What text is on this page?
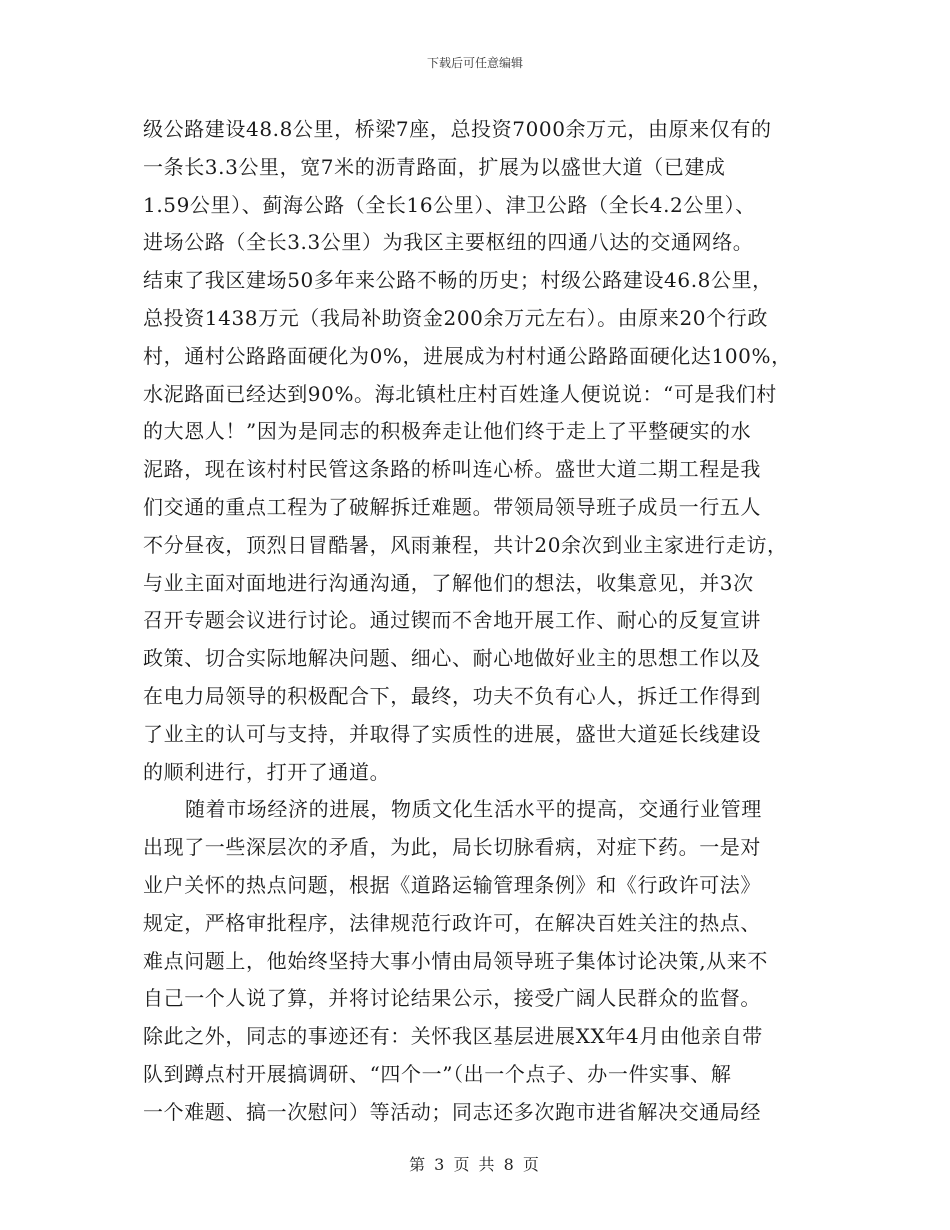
下载后可任意编辑
级公路建设48.8公里，桥梁7座，总投资7000余万元，由原来仅有的
一条长3.3公里，宽7米的沥青路面，扩展为以盛世大道（已建成
1.59公里）、蓟海公路（全长16公里）、津卫公路（全长4.2公里）、
进场公路（全长3.3公里）为我区主要枢纽的四通八达的交通网络。
结束了我区建场50多年来公路不畅的历史；村级公路建设46.8公里，
总投资1438万元（我局补助资金200余万元左右）。由原来20个行政
村，通村公路路面硬化为0%，进展成为村村通公路路面硬化达100%，
水泥路面已经达到90%。海北镇杜庄村百姓逢人便说说：“可是我们村
的大恩人！”因为是同志的积极奔走让他们终于走上了平整硬实的水
泥路，现在该村村民管这条路的桥叫连心桥。盛世大道二期工程是我
们交通的重点工程为了破解拆迁难题。带领局领导班子成员一行五人
不分昼夜，顶烈日冒酷暑，风雨兼程，共计20余次到业主家进行走访，
与业主面对面地进行沟通沟通，了解他们的想法，收集意见，并3次
召开专题会议进行讨论。通过锲而不舍地开展工作、耐心的反复宣讲
政策、切合实际地解决问题、细心、耐心地做好业主的思想工作以及
在电力局领导的积极配合下，最终，功夫不负有心人，拆迁工作得到
了业主的认可与支持，并取得了实质性的进展，盛世大道延长线建设
的顺利进行，打开了通道。
随着市场经济的进展，物质文化生活水平的提高，交通行业管理
出现了一些深层次的矛盾，为此，局长切脉看病，对症下药。一是对
业户关怀的热点问题，根据《道路运输管理条例》和《行政许可法》
规定，严格审批程序，法律规范行政许可，在解决百姓关注的热点、
难点问题上，他始终坚持大事小情由局领导班子集体讨论决策,从来不
自己一个人说了算，并将讨论结果公示，接受广阔人民群众的监督。
除此之外，同志的事迹还有：关怀我区基层进展XX年4月由他亲自带
队到蹲点村开展搞调研、“四个一”（出一个点子、办一件实事、解
一个难题、搞一次慰问）等活动；同志还多次跑市进省解决交通局经
第 3 页 共 8 页
